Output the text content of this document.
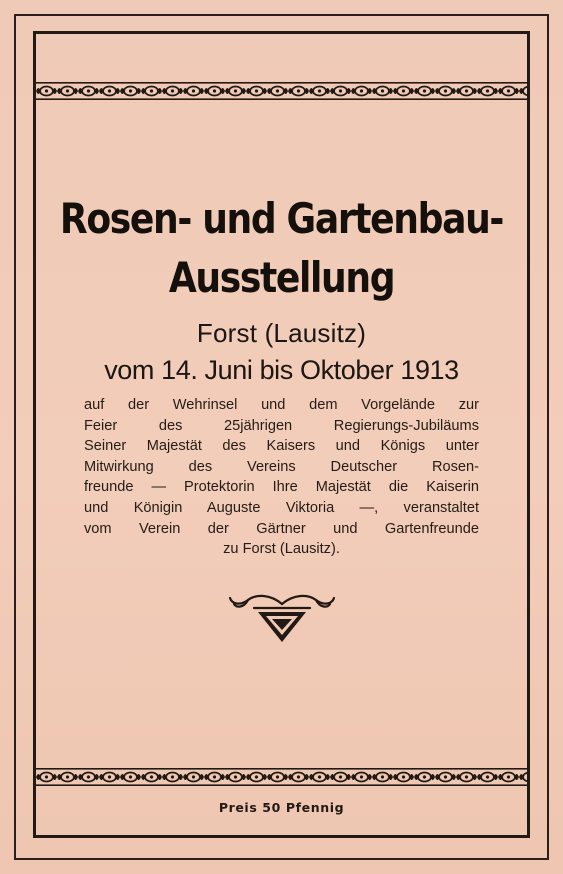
Rosen- und Gartenbau-
Ausstellung
Forst (Lausitz)
vom 14. Juni bis Oktober 1913
auf der Wehrinsel und dem Vorgelände zur
Feier des 25jährigen Regierungs-Jubiläums
Seiner Majestät des Kaisers und Königs unter
Mitwirkung des Vereins Deutscher Rosen-
freunde — Protektorin Ihre Majestät die Kaiserin
und Königin Auguste Viktoria —, veranstaltet
vom Verein der Gärtner und Gartenfreunde
zu Forst (Lausitz).
Preis 50 Pfennig
